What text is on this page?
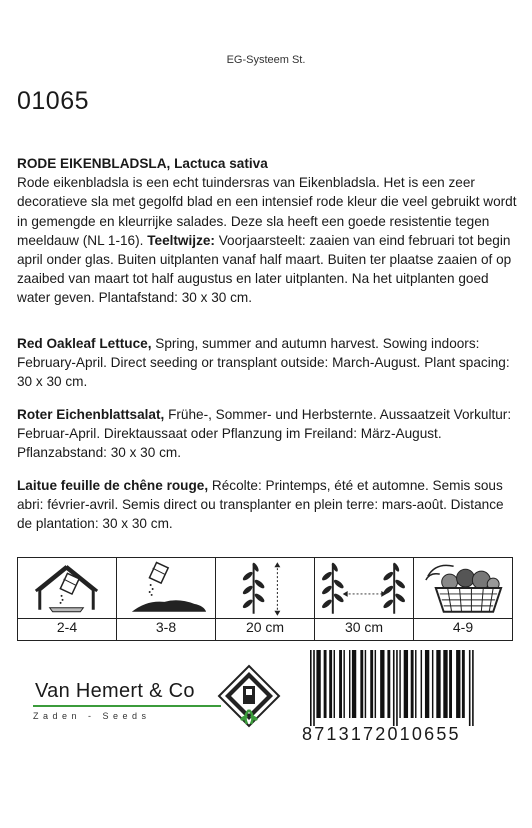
EG-Systeem St.
01065
RODE EIKENBLADSLA, Lactuca sativa
Rode eikenbladsla is een echt tuindersras van Eikenbladsla. Het is een zeer decoratieve sla met gegolfd blad en een intensief rode kleur die veel gebruikt wordt in gemengde en kleurrijke salades. Deze sla heeft een goede resistentie tegen meeldauw (NL 1-16). Teeltwijze: Voorjaarsteelt: zaaien van eind februari tot begin april onder glas. Buiten uitplanten vanaf half maart. Buiten ter plaatse zaaien of op zaaibed van maart tot half augustus en later uitplanten. Na het uitplanten goed water geven. Plantafstand: 30 x 30 cm.
Red Oakleaf Lettuce, Spring, summer and autumn harvest. Sowing indoors: February-April. Direct seeding or transplant outside: March-August. Plant spacing: 30 x 30 cm.
Roter Eichenblattsalat, Frühe-, Sommer- und Herbsternte. Aussaatzeit Vorkultur: Februar-April. Direktaussaat oder Pflanzung im Freiland: März-August. Pflanzabstand: 30 x 30 cm.
Laitue feuille de chêne rouge, Récolte: Printemps, été et automne. Semis sous abri: février-avril. Semis direct ou transplanter en plein terre: mars-août. Distance de plantation: 30 x 30 cm.
2-4	3-8	20 cm	30 cm	4-9
Van Hemert & Co
Zaden - Seeds
8713172010655
